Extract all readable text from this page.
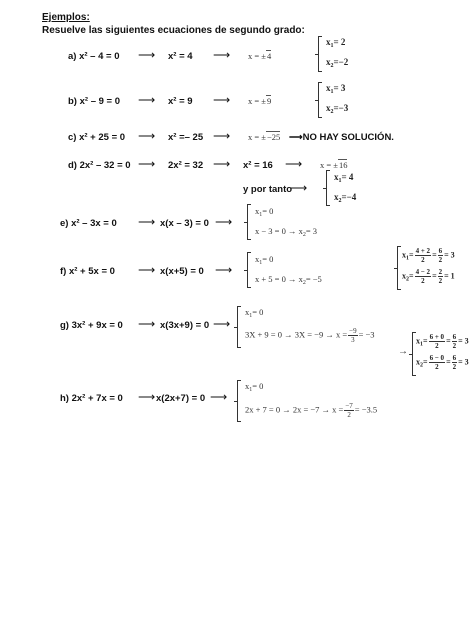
Ejemplos:
Resuelve las siguientes ecuaciones de segundo grado:
a) x² – 4 = 0 ⟶ x² = 4 ⟶ x = ±4
$x_1= 2$
$x_2=-2$
b) x² – 9 = 0 ⟶ x² = 9 ⟶ x = ±9
$x_1= 3$
$x_2=-3$
c) x² + 25 = 0 ⟶ x² =– 25 ⟶ x = ±−25 ⟶NO HAY SOLUCIÓN.
d) 2x² – 32 = 0 ⟶ 2x² = 32 ⟶ x² = 16 ⟶ x = ±16
y por tanto
⟶
$x_1= 4$
$x_2=-4$
e) x² – 3x = 0 ⟶ x(x – 3) = 0 ⟶
$x_1= 0$
$x - 3 = 0 \to x_2= 3$
f) x² + 5x = 0 ⟶ x(x+5) = 0 ⟶
$x_1= 0$
$x + 5 = 0 \to x_2= -5$
$x_1= \frac{4 + 2}{2} = \frac{6}{2} = 3$
$x_2= \frac{4 - 2}{2} = \frac{2}{2} = 1$
g) 3x² + 9x = 0 ⟶ x(3x+9) = 0 ⟶
$x_1= 0$
$3X + 9 = 0 \to 3X = -9 \to x = \frac{-9}{3} = -3$
→
$x_1= \frac{6 + 0}{2} = \frac{6}{2} = 3$
$x_2= \frac{6 - 0}{2} = \frac{6}{2} = 3$
h) 2x² + 7x = 0 ⟶ x(2x+7) = 0 ⟶
$x_1= 0$
$2x + 7 = 0 \to 2x = -7 \to x = \frac{-7}{2} = -3.5$
